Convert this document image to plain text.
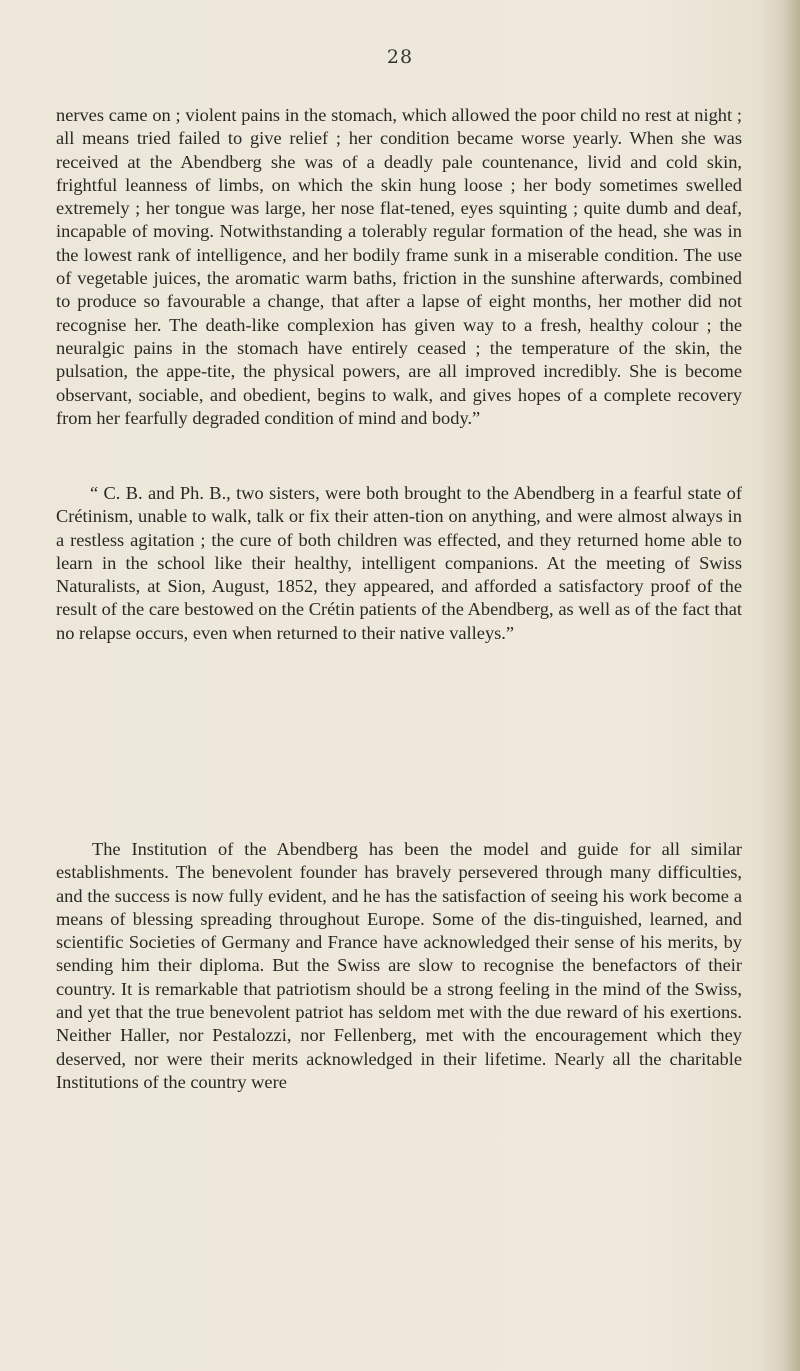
28

nerves came on ; violent pains in the stomach, which allowed the poor child no rest at night ; all means tried failed to give relief ; her condition became worse yearly. When she was received at the Abendberg she was of a deadly pale countenance, livid and cold skin, frightful leanness of limbs, on which the skin hung loose ; her body sometimes swelled extremely ; her tongue was large, her nose flat-tened, eyes squinting ; quite dumb and deaf, incapable of moving. Notwithstanding a tolerably regular formation of the head, she was in the lowest rank of intelligence, and her bodily frame sunk in a miserable condition. The use of vegetable juices, the aromatic warm baths, friction in the sunshine afterwards, combined to produce so favourable a change, that after a lapse of eight months, her mother did not recognise her. The death-like complexion has given way to a fresh, healthy colour ; the neuralgic pains in the stomach have entirely ceased ; the temperature of the skin, the pulsation, the appe-tite, the physical powers, are all improved incredibly. She is become observant, sociable, and obedient, begins to walk, and gives hopes of a complete recovery from her fearfully degraded condition of mind and body.”

“ C. B. and Ph. B., two sisters, were both brought to the Abendberg in a fearful state of Crétinism, unable to walk, talk or fix their atten-tion on anything, and were almost always in a restless agitation ; the cure of both children was effected, and they returned home able to learn in the school like their healthy, intelligent companions. At the meeting of Swiss Naturalists, at Sion, August, 1852, they appeared, and afforded a satisfactory proof of the result of the care bestowed on the Crétin patients of the Abendberg, as well as of the fact that no relapse occurs, even when returned to their native valleys.”

The Institution of the Abendberg has been the model and guide for all similar establishments. The benevolent founder has bravely persevered through many difficulties, and the success is now fully evident, and he has the satisfaction of seeing his work become a means of blessing spreading throughout Europe. Some of the dis-tinguished, learned, and scientific Societies of Germany and France have acknowledged their sense of his merits, by sending him their diploma. But the Swiss are slow to recognise the benefactors of their country. It is remarkable that patriotism should be a strong feeling in the mind of the Swiss, and yet that the true benevolent patriot has seldom met with the due reward of his exertions. Neither Haller, nor Pestalozzi, nor Fellenberg, met with the encouragement which they deserved, nor were their merits acknowledged in their lifetime. Nearly all the charitable Institutions of the country were
